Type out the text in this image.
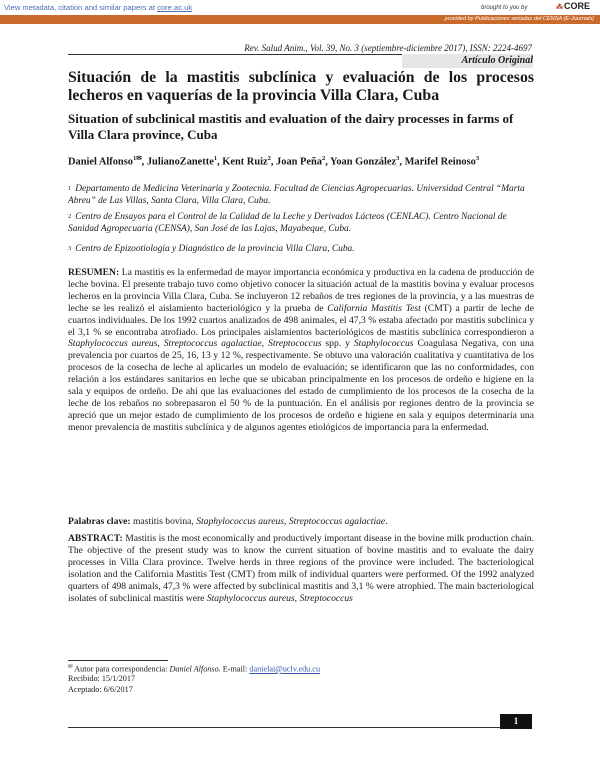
View metadata, citation and similar papers at core.ac.uk	brought to you by	⁂CORE
provided by Publicaciones seriadas del CENSA (E-Journals)
Rev. Salud Anim., Vol. 39, No. 3 (septiembre-diciembre 2017), ISSN: 2224-4697
Artículo Original
Situación de la mastitis subclínica y evaluación de los procesos lecheros en vaquerías de la provincia Villa Clara, Cuba
Situation of subclinical mastitis and evaluation of the dairy processes in farms of Villa Clara province, Cuba
Daniel Alfonso$^{1✉}$, JulianoZanette$^1$, Kent Ruiz$^2$, Joan Peña$^2$, Yoan González$^3$, Marifel Reinoso$^3$
$^1$ Departamento de Medicina Veterinaria y Zootecnia. Facultad de Ciencias Agropecuarias. Universidad Central “Marta Abreu” de Las Villas, Santa Clara, Villa Clara, Cuba.
$^2$ Centro de Ensayos para el Control de la Calidad de la Leche y Derivados Lácteos (CENLAC). Centro Nacional de Sanidad Agropecuaria (CENSA), San José de las Lajas, Mayabeque, Cuba.
$^3$ Centro de Epizootiología y Diagnóstico de la provincia Villa Clara, Cuba.
RESUMEN: La mastitis es la enfermedad de mayor importancia económica y productiva en la cadena de producción de leche bovina. El presente trabajo tuvo como objetivo conocer la situación actual de la mastitis bovina y evaluar procesos lecheros en la provincia Villa Clara, Cuba. Se incluyeron 12 rebaños de tres regiones de la provincia, y a las muestras de leche se les realizó el aislamiento bacteriológico y la prueba de California Mastitis Test (CMT) a partir de leche de cuartos individuales. De los 1992 cuartos analizados de 498 animales, el 47,3 % estaba afectado por mastitis subclínica y el 3,1 % se encontraba atrofiado. Los principales aislamientos bacteriológicos de mastitis subclínica correspondieron a Staphylococcus aureus, Streptococcus agalactiae, Streptococcus spp. y Staphylococcus Coagulasa Negativa, con una prevalencia por cuartos de 25, 16, 13 y 12 %, respectivamente. Se obtuvo una valoración cualitativa y cuantitativa de los procesos de la cosecha de leche al aplicarles un modelo de evaluación; se identificaron que las no conformidades, con relación a los estándares sanitarios en leche que se ubicaban principalmente en los procesos de ordeño e higiene en la sala y equipos de ordeño. De ahí que las evaluaciones del estado de cumplimiento de los procesos de la cosecha de la leche de los rebaños no sobrepasaron el 50 % de la puntuación. En el análisis por regiones dentro de la provincia se apreció que un mejor estado de cumplimiento de los procesos de ordeño e higiene en sala y equipos determinaría una menor prevalencia de mastitis subclínica y de algunos agentes etiológicos de importancia para la enfermedad.
Palabras clave: mastitis bovina, Staphylococcus aureus, Streptococcus agalactiae.
ABSTRACT: Mastitis is the most economically and productively important disease in the bovine milk production chain. The objective of the present study was to know the current situation of bovine mastitis and to evaluate the dairy processes in Villa Clara province. Twelve herds in three regions of the province were included. The bacteriological isolation and the California Mastitis Test (CMT) from milk of individual quarters were performed. Of the 1992 analyzed quarters of 498 animals, 47,3 % were affected by subclinical mastitis and 3,1 % were atrophied. The main bacteriological isolates of subclinical mastitis were Staphylococcus aureus, Streptococcus
✉ Autor para correspondencia: Daniel Alfonso. E-mail: danielai@uclv.edu.cu
Recibido: 15/1/2017
Aceptado: 6/6/2017
1
